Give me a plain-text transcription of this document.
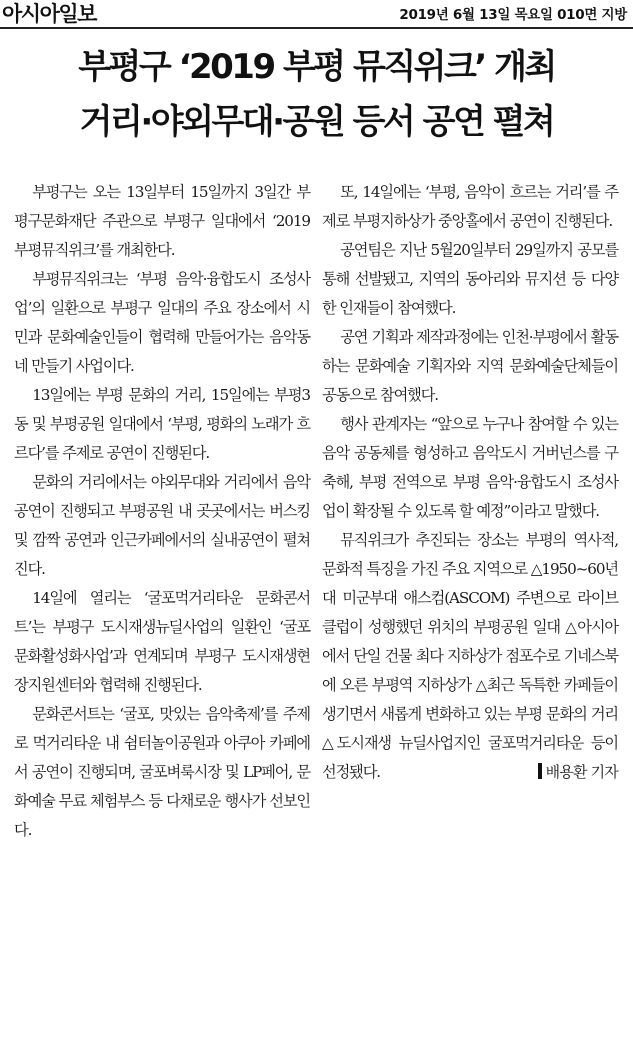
아시아일보	2019년 6월 13일 목요일 010면 지방
부평구 ‘2019 부평 뮤직위크’ 개최
거리·야외무대·공원 등서 공연 펼쳐

부평구는 오는 13일부터 15일까지 3일간 부평구문화재단 주관으로 부평구 일대에서 ‘2019 부평뮤직위크’를 개최한다.

부평뮤직위크는 ‘부평 음악·융합도시 조성사업’의 일환으로 부평구 일대의 주요 장소에서 시민과 문화예술인들이 협력해 만들어가는 음악동네 만들기 사업이다.

13일에는 부평 문화의 거리, 15일에는 부평3동 및 부평공원 일대에서 ‘부평, 평화의 노래가 흐르다’를 주제로 공연이 진행된다.

문화의 거리에서는 야외무대와 거리에서 음악공연이 진행되고 부평공원 내 곳곳에서는 버스킹 및 깜짝 공연과 인근카페에서의 실내공연이 펼쳐진다.

14일에 열리는 ‘굴포먹거리타운 문화콘서트’는 부평구 도시재생뉴딜사업의 일환인 ‘굴포 문화활성화사업’과 연계되며 부평구 도시재생현장지원센터와 협력해 진행된다.

문화콘서트는 ‘굴포, 맛있는 음악축제’를 주제로 먹거리타운 내 쉼터놀이공원과 아쿠아 카페에서 공연이 진행되며, 굴포벼룩시장 및 LP페어, 문화예술 무료 체험부스 등 다채로운 행사가 선보인다.

또, 14일에는 ‘부평, 음악이 흐르는 거리’를 주제로 부평지하상가 중앙홀에서 공연이 진행된다.

공연팀은 지난 5월20일부터 29일까지 공모를 통해 선발됐고, 지역의 동아리와 뮤지션 등 다양한 인재들이 참여했다.

공연 기획과 제작과정에는 인천·부평에서 활동하는 문화예술 기획자와 지역 문화예술단체들이 공동으로 참여했다.

행사 관계자는 “앞으로 누구나 참여할 수 있는 음악 공동체를 형성하고 음악도시 거버넌스를 구축해, 부평 전역으로 부평 음악·융합도시 조성사업이 확장될 수 있도록 할 예정”이라고 말했다.

뮤직위크가 추진되는 장소는 부평의 역사적, 문화적 특징을 가진 주요 지역으로 △1950~60년대 미군부대 애스컴(ASCOM) 주변으로 라이브클럽이 성행했던 위치의 부평공원 일대 △아시아에서 단일 건물 최다 지하상가 점포수로 기네스북에 오른 부평역 지하상가 △최근 독특한 카페들이 생기면서 새롭게 변화하고 있는 부평 문화의 거리 △도시재생 뉴딜사업지인 굴포먹거리타운 등이 선정됐다.	배용환 기자
